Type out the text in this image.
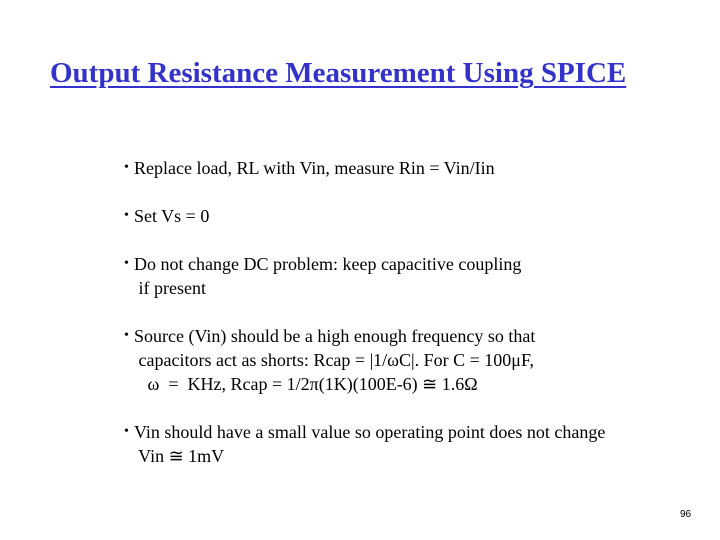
Output Resistance Measurement Using SPICE
• Replace load, RL with Vin, measure Rin = Vin/Iin
• Set Vs = 0
• Do not change DC problem: keep capacitive coupling
if present
• Source (Vin) should be a high enough frequency so that
capacitors act as shorts: Rcap = |1/ωC|. For C = 100μF,
ω  =  KHz, Rcap = 1/2π(1K)(100E-6) ≅ 1.6Ω
• Vin should have a small value so operating point does not change
Vin ≅ 1mV
96
